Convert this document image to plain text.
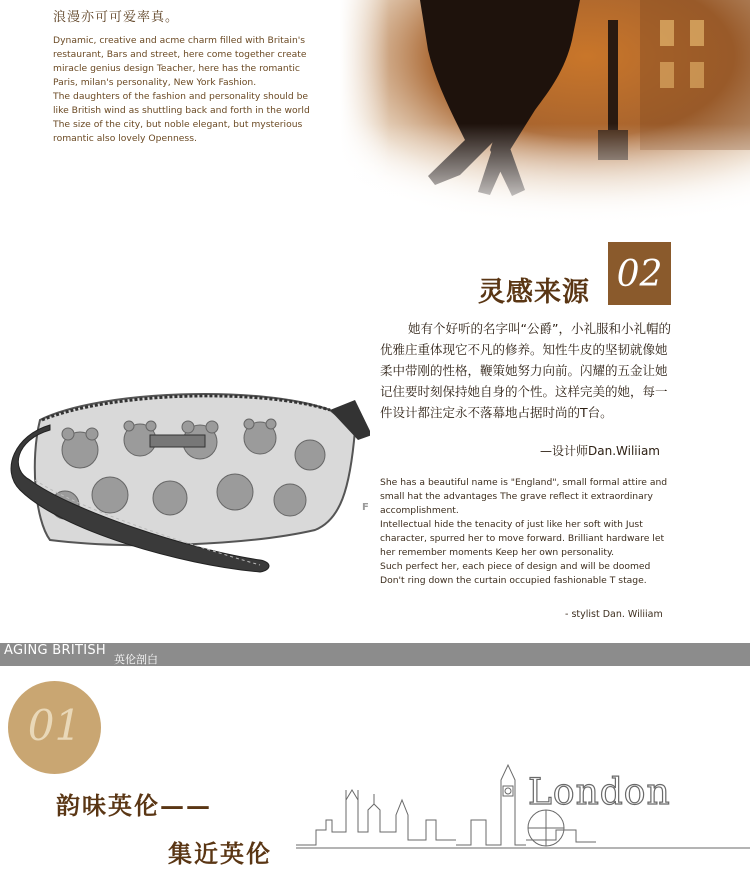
浪漫亦可可爱率真。

Dynamic, creative and acme charm filled with Britain's restaurant, Bars and street, here come together create miracle genius design Teacher, here has the romantic Paris, milan's personality, New York Fashion.

The daughters of the fashion and personality should be like British wind as shuttling back and forth in the world The size of the city, but noble elegant, but mysterious romantic also lovely Openness.

灵感来源 02

她有个好听的名字叫“公爵”，小礼服和小礼帽的优雅庄重体现它不凡的修养。知性牛皮的坚韧就像她柔中带刚的性格，鞭策她努力向前。闪耀的五金让她记住要时刻保持她自身的个性。这样完美的她，每一件设计都注定永不落幕地占据时尚的T台。

—设计师Dan.Wiliiam

She has a beautiful name is "England", small formal attire and small hat the advantages The grave reflect it extraordinary accomplishment.

Intellectual hide the tenacity of just like her soft with Just character, spurred her to move forward. Brilliant hardware let her remember moments Keep her own personality.

Such perfect her, each piece of design and will be doomed Don't ring down the curtain occupied fashionable T stage.

- stylist Dan. Wiliiam
F
AGING BRITISH
英伦剖白
01
韵味英伦——
集近英伦
London
